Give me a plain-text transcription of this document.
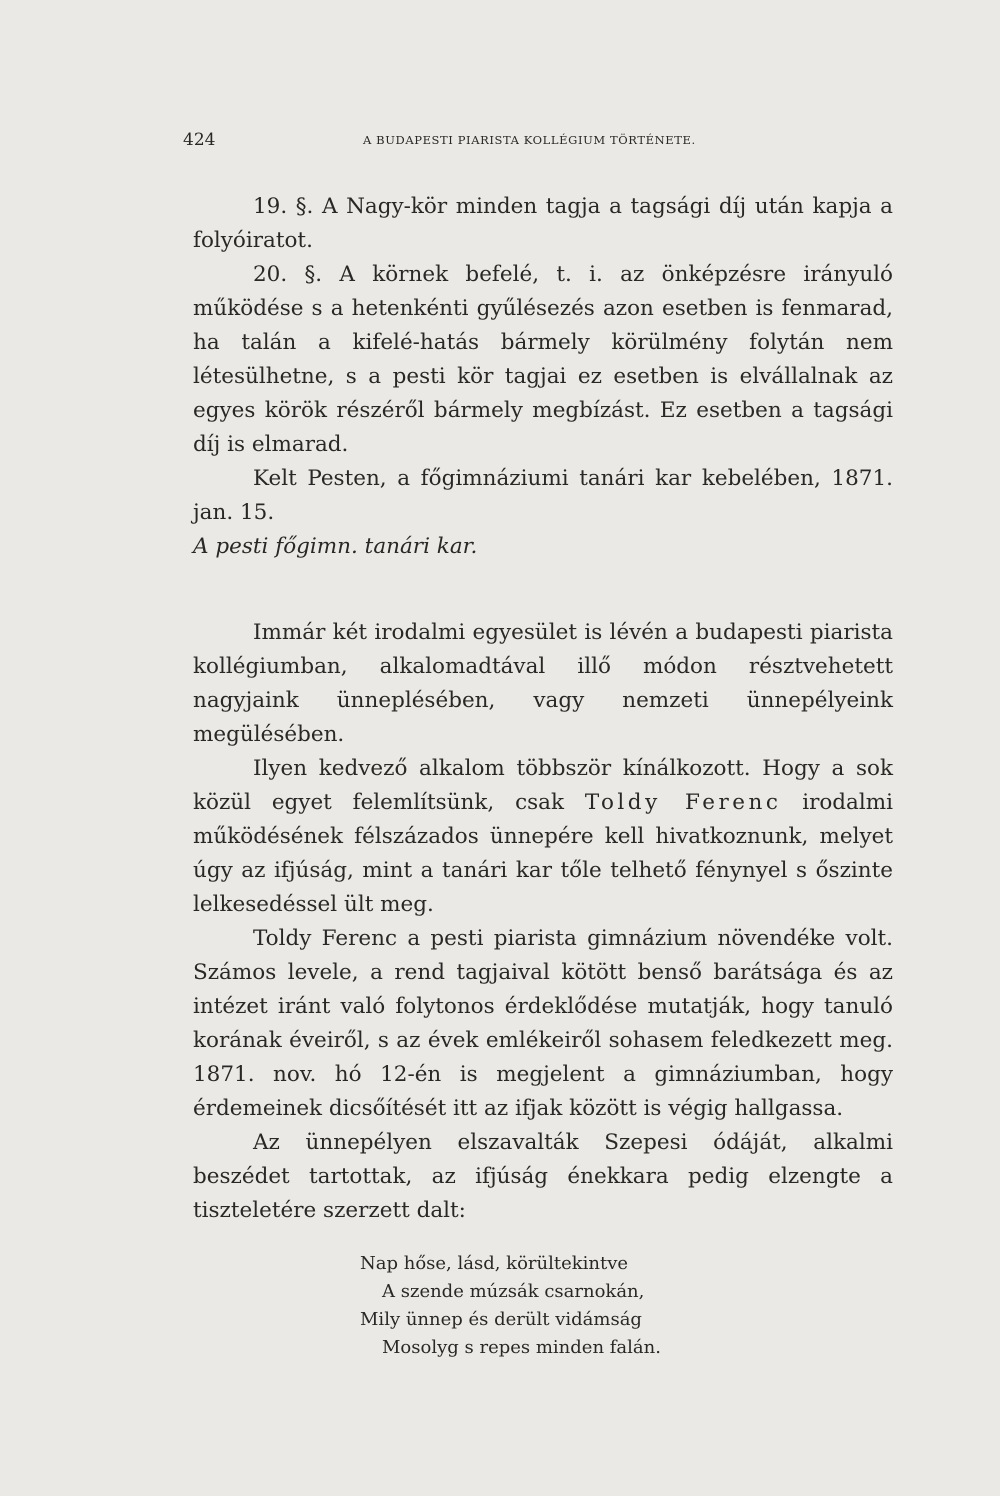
424	A BUDAPESTI PIARISTA KOLLÉGIUM TÖRTÉNETE.

19. §. A Nagy-kör minden tagja a tagsági díj után kapja a folyóiratot.

20. §. A körnek befelé, t. i. az önképzésre irányuló működése s a hetenkénti gyűlésezés azon esetben is fenmarad, ha talán a kifelé-hatás bármely körülmény folytán nem létesülhetne, s a pesti kör tagjai ez esetben is elvállalnak az egyes körök részéről bármely megbízást. Ez esetben a tagsági díj is elmarad.

Kelt Pesten, a főgimnáziumi tanári kar kebelében, 1871. jan. 15.

A pesti főgimn. tanári kar.

Immár két irodalmi egyesület is lévén a budapesti piarista kollégiumban, alkalomadtával illő módon résztvehetett nagyjaink ünneplésében, vagy nemzeti ünnepélyeink megülésében.

Ilyen kedvező alkalom többször kínálkozott. Hogy a sok közül egyet felemlítsünk, csak Toldy Ferenc irodalmi működésének félszázados ünnepére kell hivatkoznunk, melyet úgy az ifjúság, mint a tanári kar tőle telhető fénynyel s őszinte lelkesedéssel ült meg.

Toldy Ferenc a pesti piarista gimnázium növendéke volt. Számos levele, a rend tagjaival kötött benső barátsága és az intézet iránt való folytonos érdeklődése mutatják, hogy tanuló korának éveiről, s az évek emlékeiről sohasem feledkezett meg. 1871. nov. hó 12-én is megjelent a gimnáziumban, hogy érdemeinek dicsőítését itt az ifjak között is végig hallgassa.

Az ünnepélyen elszavalták Szepesi ódáját, alkalmi beszédet tartottak, az ifjúság énekkara pedig elzengte a tiszteletére szerzett dalt:

Nap hőse, lásd, körültekintve
A szende múzsák csarnokán,
Mily ünnep és derült vidámság
Mosolyg s repes minden falán.
